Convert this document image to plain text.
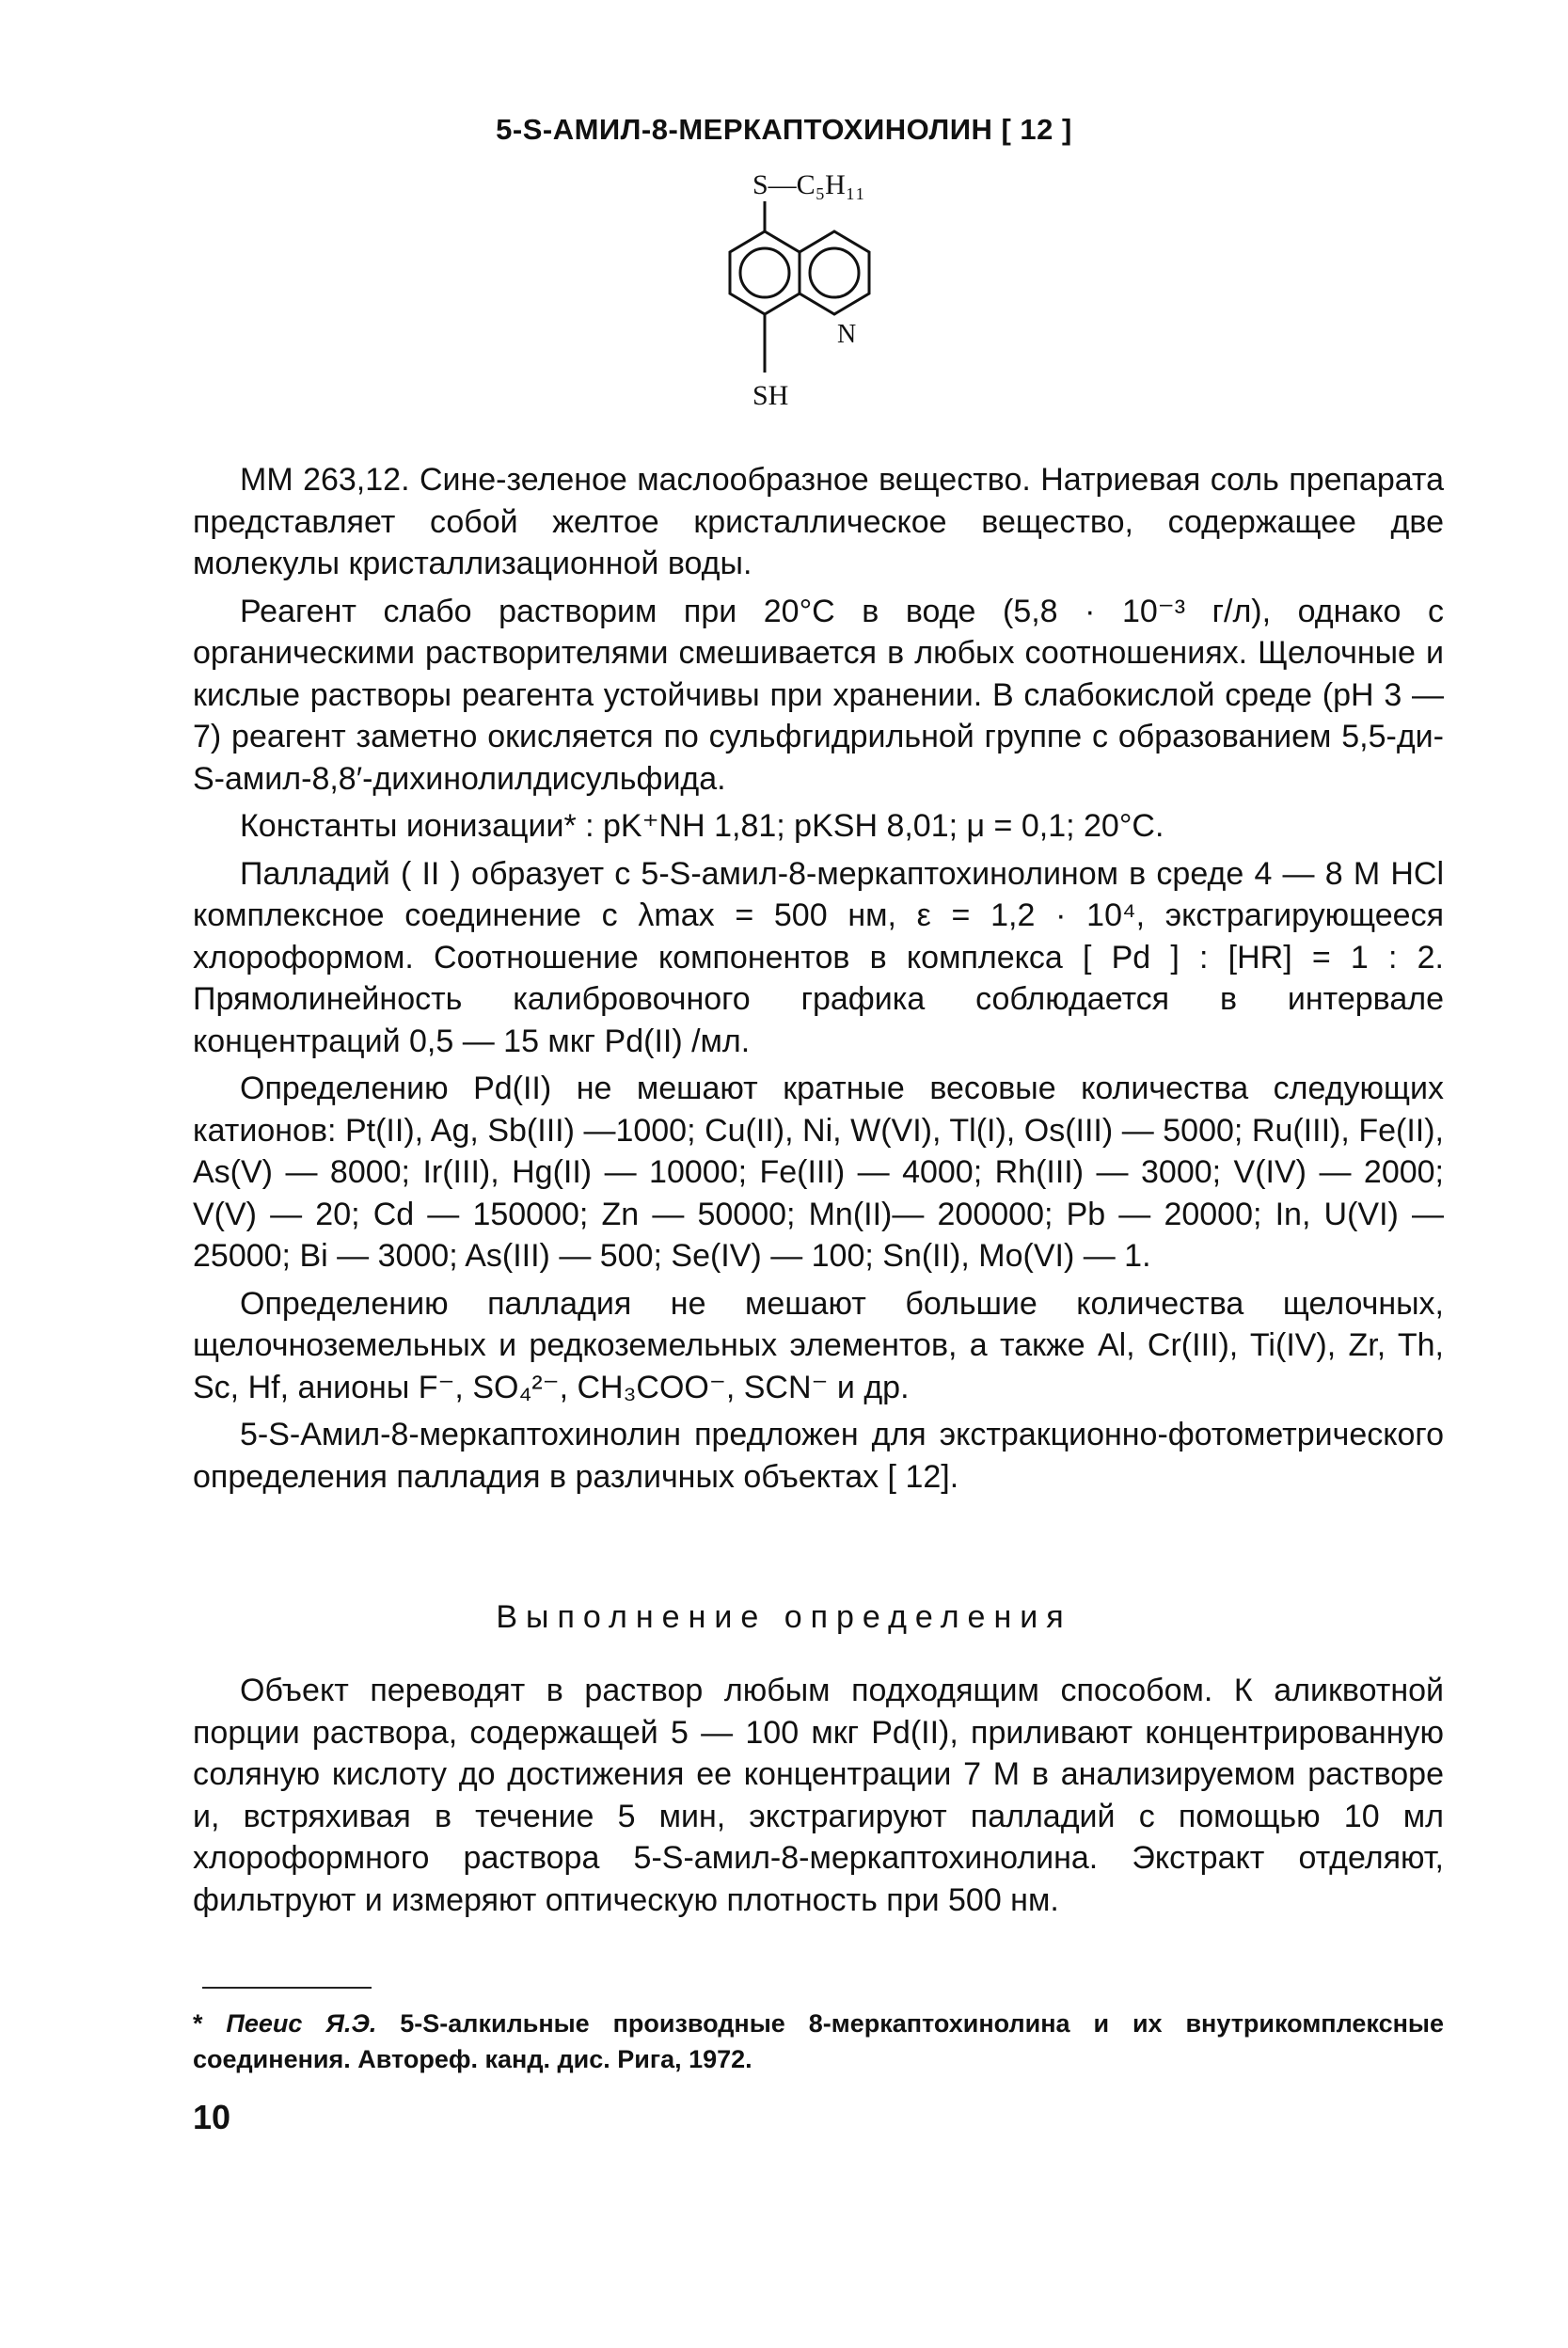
5-S-АМИЛ-8-МЕРКАПТОХИНОЛИН [ 12 ]
S—C₅H₁₁
N
SH

ММ 263,12. Сине-зеленое маслообразное вещество. Натриевая соль препарата представляет собой желтое кристаллическое вещество, содержащее две молекулы кристаллизационной воды.

Реагент слабо растворим при 20°С в воде (5,8 · 10⁻³ г/л), однако с органическими растворителями смешивается в любых соотношениях. Щелочные и кислые растворы реагента устойчивы при хранении. В слабокислой среде (pH 3 — 7) реагент заметно окисляется по сульфгидрильной группе с образованием 5,5-ди-S-амил-8,8′-дихинолилдисульфида.

Константы ионизации* : pK⁺NH 1,81; pKSH 8,01; μ = 0,1; 20°С.

Палладий ( II ) образует с 5-S-амил-8-меркаптохинолином в среде 4 — 8 М HCl комплексное соединение с λmax = 500 нм, ε = 1,2 · 10⁴, экстрагирующееся хлороформом. Соотношение компонентов в комплекса [ Pd ] : [HR] = 1 : 2. Прямолинейность калибровочного графика соблюдается в интервале концентраций 0,5 — 15 мкг Pd(II) /мл.

Определению Pd(II) не мешают кратные весовые количества следующих катионов: Pt(II), Ag, Sb(III) —1000; Cu(II), Ni, W(VI), Tl(I), Os(III) — 5000; Ru(III), Fe(II), As(V) — 8000; Ir(III), Hg(II) — 10000; Fe(III) — 4000; Rh(III) — 3000; V(IV) — 2000; V(V) — 20; Cd — 150000; Zn — 50000; Mn(II)— 200000; Pb — 20000; In, U(VI) — 25000; Bi — 3000; As(III) — 500; Se(IV) — 100; Sn(II), Mo(VI) — 1.

Определению палладия не мешают большие количества щелочных, щелочноземельных и редкоземельных элементов, а также Al, Cr(III), Ti(IV), Zr, Th, Sc, Hf, анионы F⁻, SO₄²⁻, CH₃COO⁻, SCN⁻ и др.

5-S-Амил-8-меркаптохинолин предложен для экстракционно-фотометрического определения палладия в различных объектах [ 12].

Выполнение определения

Объект переводят в раствор любым подходящим способом. К аликвотной порции раствора, содержащей 5 — 100 мкг Pd(II), приливают концентрированную соляную кислоту до достижения ее концентрации 7 М в анализируемом растворе и, встряхивая в течение 5 мин, экстрагируют палладий с помощью 10 мл хлороформного раствора 5-S-амил-8-меркаптохинолина. Экстракт отделяют, фильтруют и измеряют оптическую плотность при 500 нм.

* Пееис Я.Э. 5-S-алкильные производные 8-меркаптохинолина и их внутрикомплексные соединения. Автореф. канд. дис. Рига, 1972.
10
